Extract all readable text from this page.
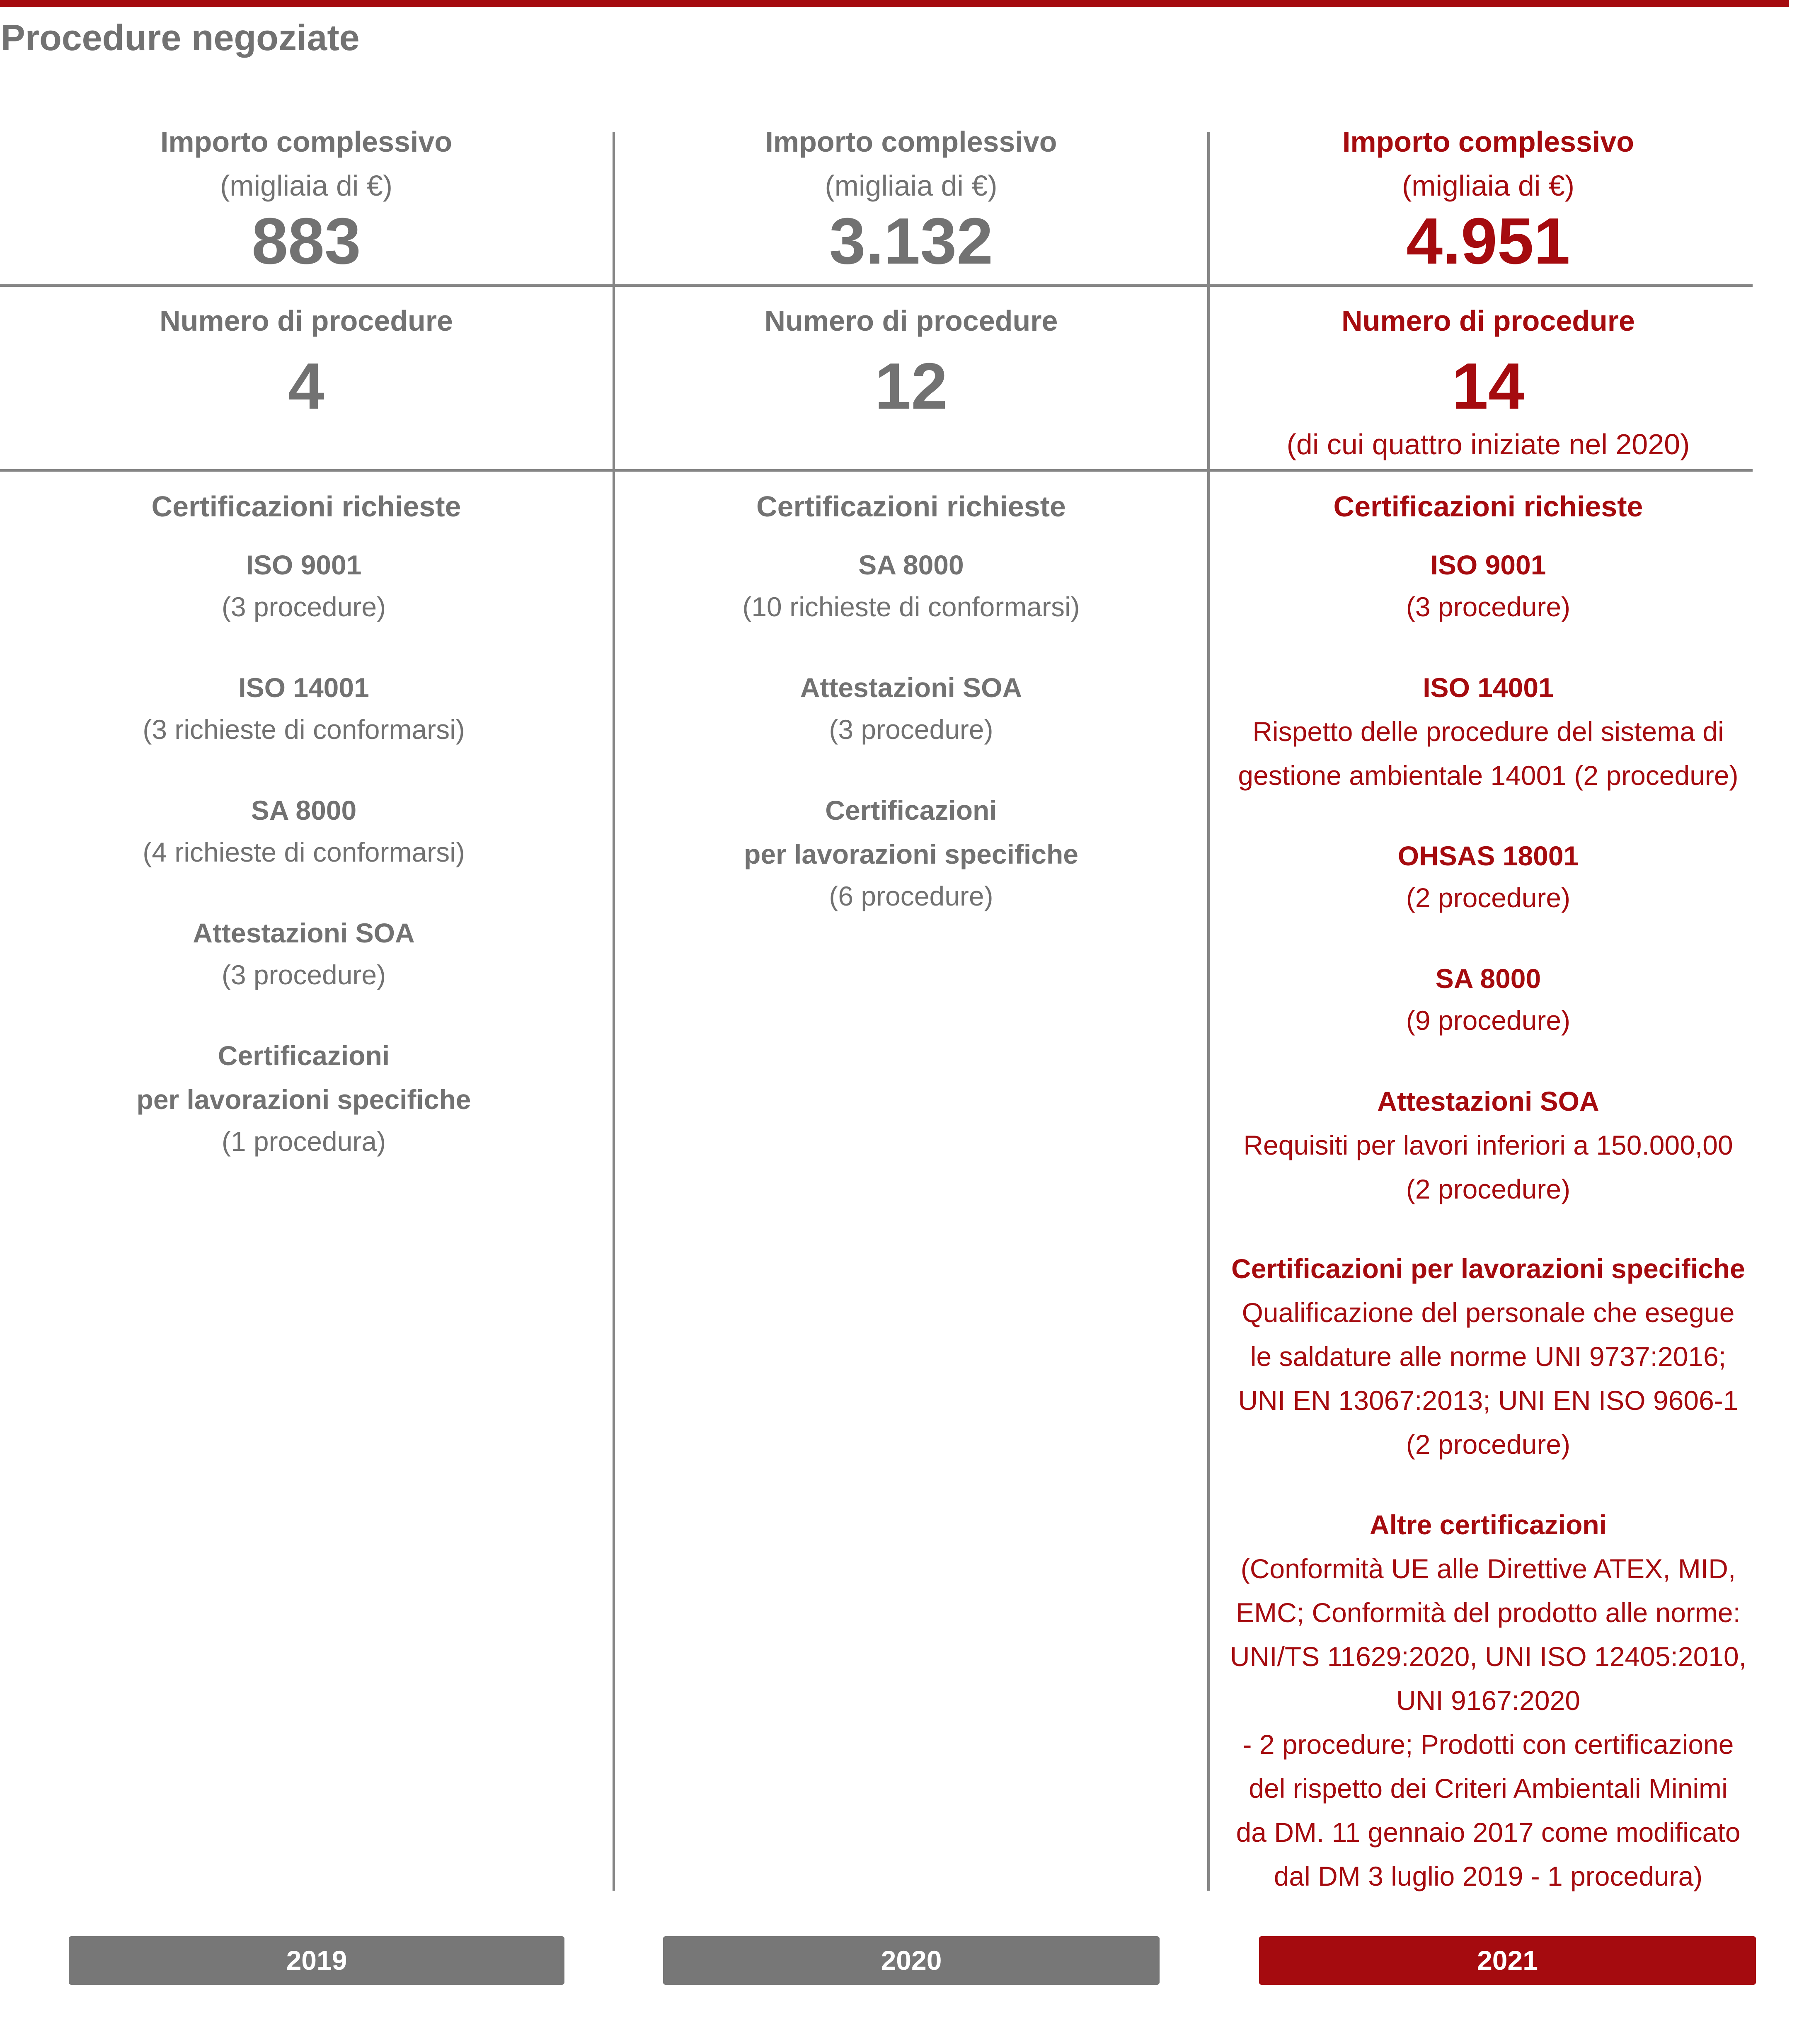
Procedure negoziate
Importo complessivo
(migliaia di €)
883
Numero di procedure
4
Certificazioni richieste
ISO 9001
(3 procedure)
ISO 14001
(3 richieste di conformarsi)
SA 8000
(4 richieste di conformarsi)
Attestazioni SOA
(3 procedure)
Certificazioni
per lavorazioni specifiche
(1 procedura)
Importo complessivo
(migliaia di €)
3.132
Numero di procedure
12
Certificazioni richieste
SA 8000
(10 richieste di conformarsi)
Attestazioni SOA
(3 procedure)
Certificazioni
per lavorazioni specifiche
(6 procedure)
Importo complessivo
(migliaia di €)
4.951
Numero di procedure
14
(di cui quattro iniziate nel 2020)
Certificazioni richieste
ISO 9001
(3 procedure)
ISO 14001
Rispetto delle procedure del sistema di
gestione ambientale 14001 (2 procedure)
OHSAS 18001
(2 procedure)
SA 8000
(9 procedure)
Attestazioni SOA
Requisiti per lavori inferiori a 150.000,00
(2 procedure)
Certificazioni per lavorazioni specifiche
Qualificazione del personale che esegue
le saldature alle norme UNI 9737:2016;
UNI EN 13067:2013; UNI EN ISO 9606-1
(2 procedure)
Altre certificazioni
(Conformità UE alle Direttive ATEX, MID,
EMC; Conformità del prodotto alle norme:
UNI/TS 11629:2020, UNI ISO 12405:2010,
UNI 9167:2020
- 2 procedure; Prodotti con certificazione
del rispetto dei Criteri Ambientali Minimi
da DM. 11 gennaio 2017 come modificato
dal DM 3 luglio 2019 - 1 procedura)
2019	2020	2021
